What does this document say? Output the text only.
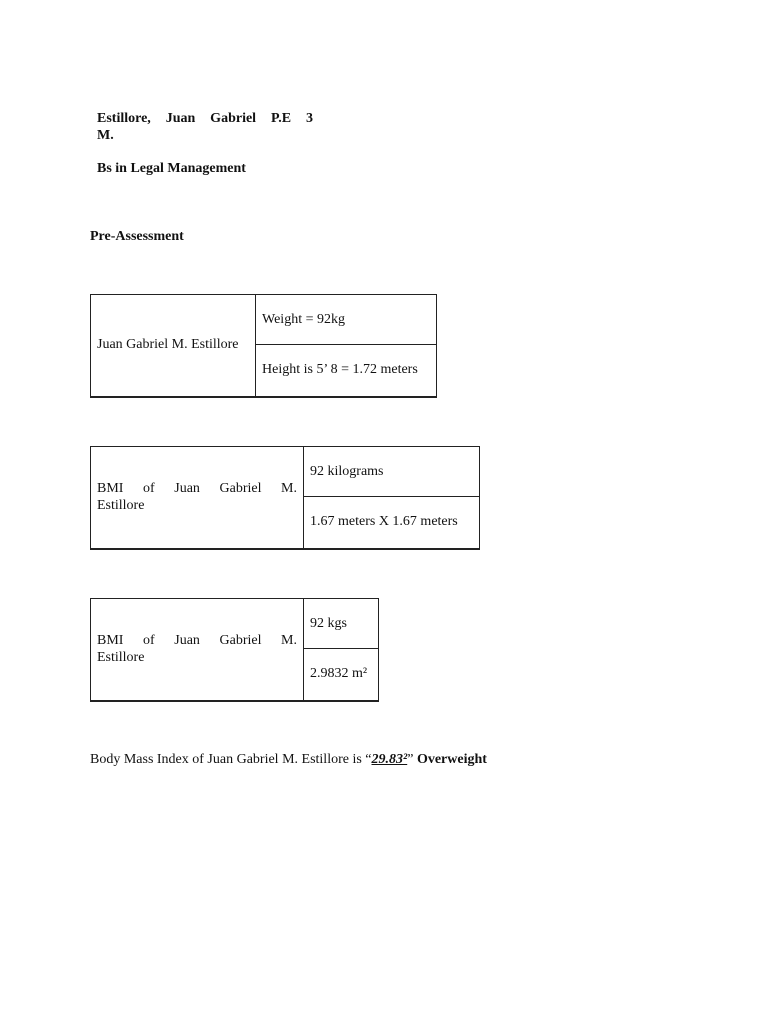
Estillore, Juan Gabriel P.E 3
M.
Bs in Legal Management
Pre-Assessment
Juan Gabriel M. Estillore	Weight = 92kg
Height is 5’ 8 = 1.72 meters
BMI of Juan Gabriel M.
Estillore	92 kilograms
1.67 meters X 1.67 meters
BMI of Juan Gabriel M.
Estillore	92 kgs
2.9832 m²
Body Mass Index of Juan Gabriel M. Estillore is “29.83²” Overweight
